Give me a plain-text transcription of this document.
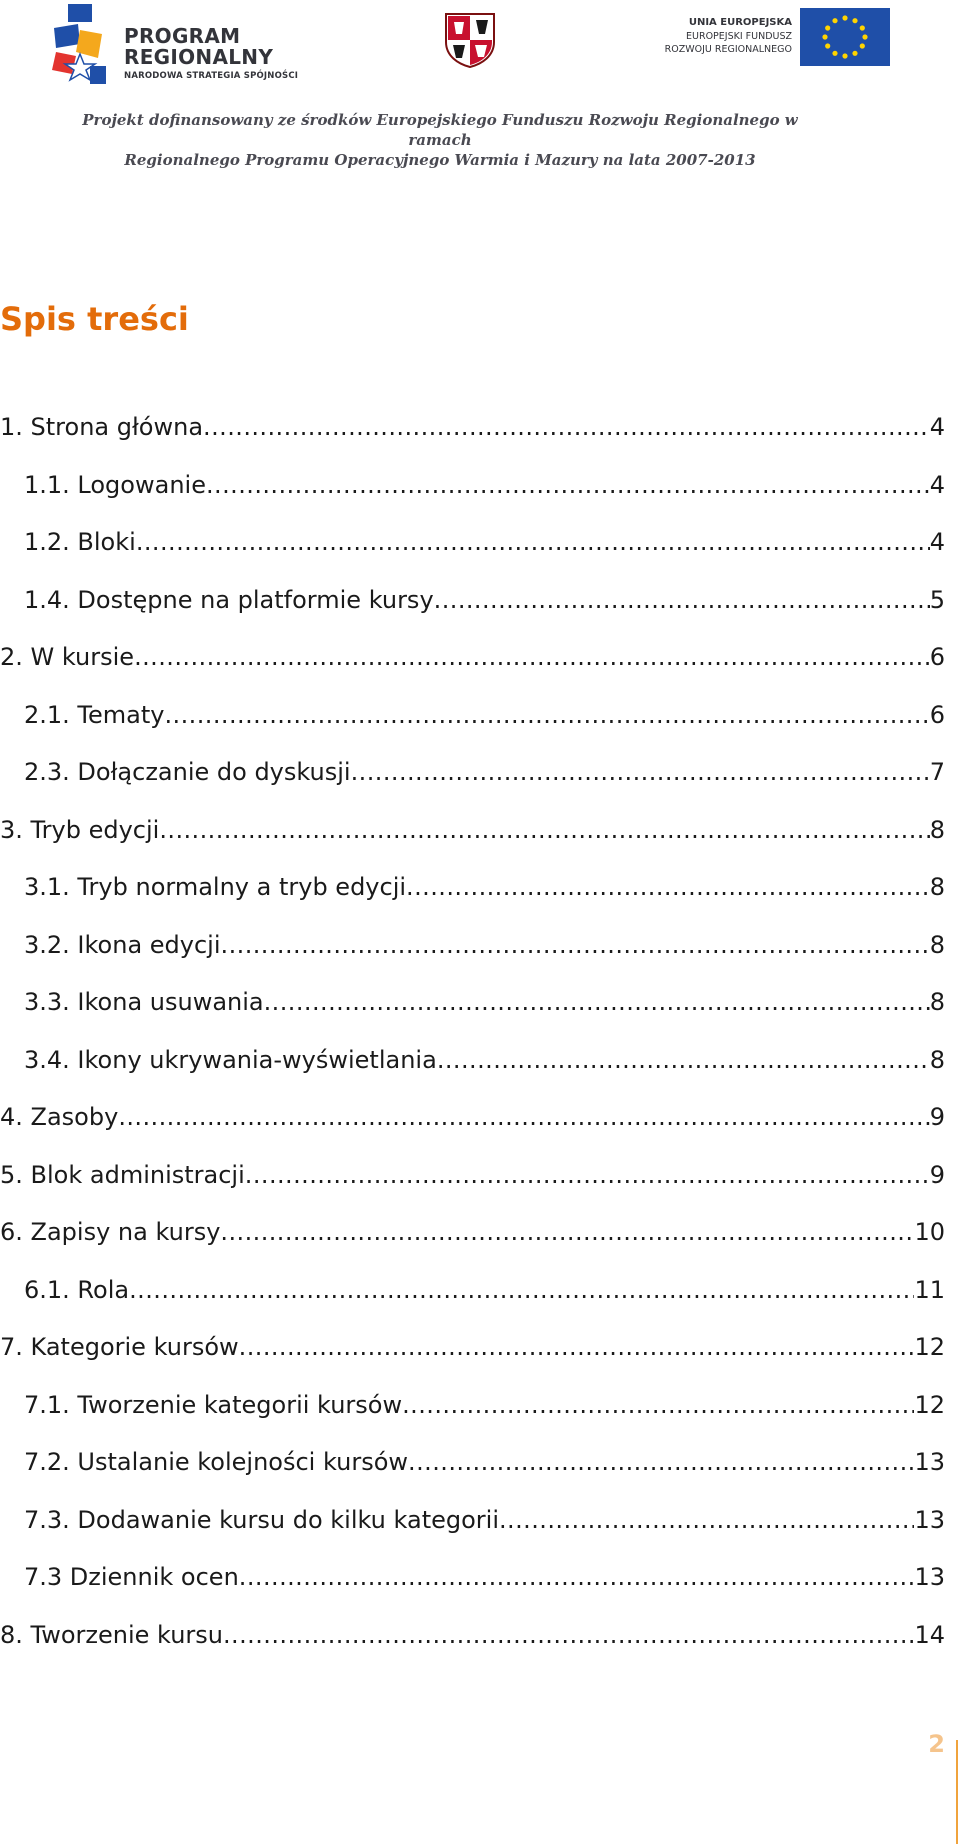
PROGRAM
REGIONALNY
NARODOWA STRATEGIA SPÓJNOŚCI
UNIA EUROPEJSKA
EUROPEJSKI FUNDUSZ
ROZWOJU REGIONALNEGO
Projekt dofinansowany ze środków Europejskiego Funduszu Rozwoju Regionalnego w ramach
Regionalnego Programu Operacyjnego Warmia i Mazury na lata 2007-2013
Spis treści
1. Strona główna . . .	4
1.1. Logowanie . . .	4
1.2. Bloki . . .	4
1.4. Dostępne na platformie kursy . . .	5
2. W kursie . . .	6
2.1. Tematy . . .	6
2.3. Dołączanie do dyskusji . . .	7
3. Tryb edycji . . .	8
3.1. Tryb normalny a tryb edycji . . .	8
3.2. Ikona edycji . . .	8
3.3. Ikona usuwania . . .	8
3.4. Ikony ukrywania-wyświetlania . . .	8
4. Zasoby . . .	9
5. Blok administracji . . .	9
6. Zapisy na kursy . . .	10
6.1. Rola . . .	11
7. Kategorie kursów . . .	12
7.1. Tworzenie kategorii kursów . . .	12
7.2. Ustalanie kolejności kursów . . .	13
7.3. Dodawanie kursu do kilku kategorii . . .	13
7.3 Dziennik ocen . . .	13
8. Tworzenie kursu . . .	14
2
